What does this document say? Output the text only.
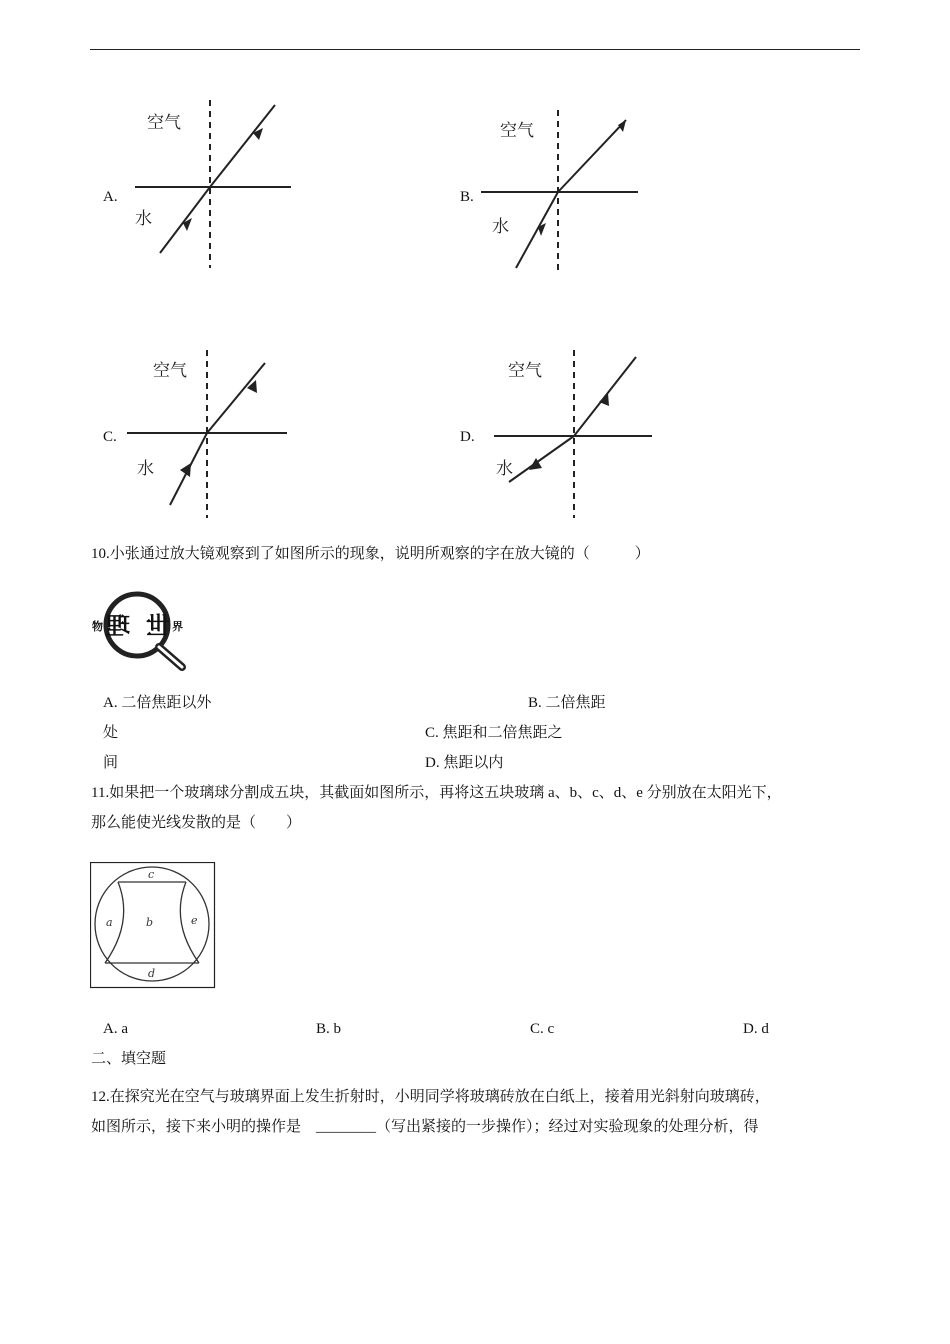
A.
空气
水
B.
空气
水
C.
空气
水
D.
空气
水
10.小张通过放大镜观察到了如图所示的现象，说明所观察的字在放大镜的（　　　）
物 理 世 界
A. 二倍焦距以外	B. 二倍焦距
处	C. 焦距和二倍焦距之
间	D. 焦距以内
11.如果把一个玻璃球分割成五块，其截面如图所示，再将这五块玻璃 a、b、c、d、e 分别放在太阳光下，
那么能使光线发散的是（　　）
c
a	b	e
d
A. a	B. b	C. c	D. d
二、填空题
12.在探究光在空气与玻璃界面上发生折射时，小明同学将玻璃砖放在白纸上，接着用光斜射向玻璃砖，
如图所示，接下来小明的操作是　________（写出紧接的一步操作）；经过对实验现象的处理分析，得
